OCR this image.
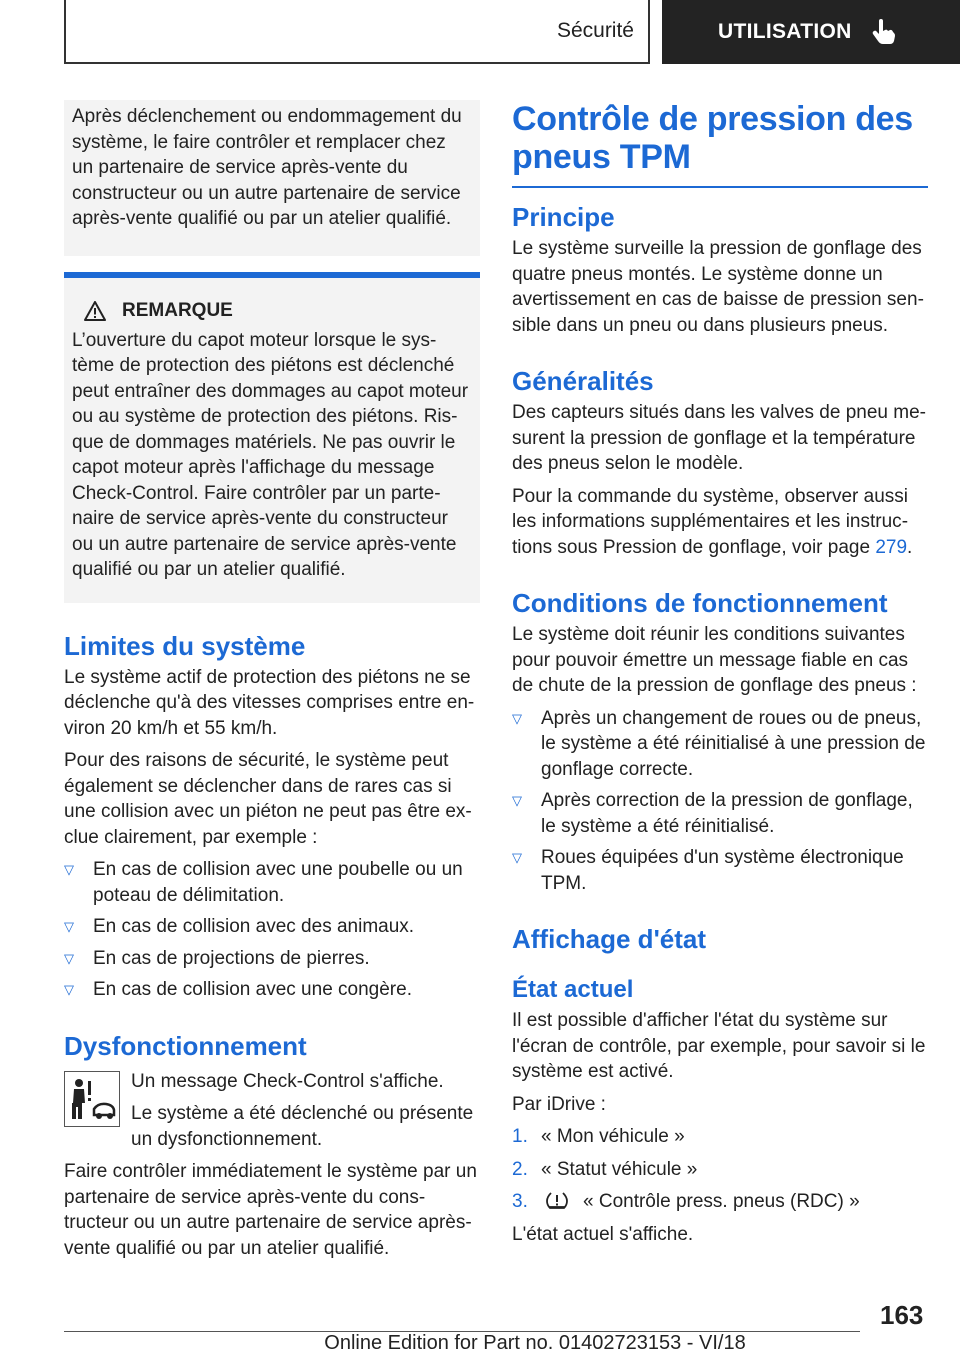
Sécurité	UTILISATION

Après déclenchement ou endommagement du système, le faire contrôler et remplacer chez un partenaire de service après-vente du constructeur ou un autre partenaire de service après-vente qualifié ou par un atelier qualifié.

REMARQUE

L’ouverture du capot moteur lorsque le système de protection des piétons est déclenché peut entraîner des dommages au capot moteur ou au système de protection des piétons. Risque de dommages matériels. Ne pas ouvrir le capot moteur après l'affichage du message Check-Control. Faire contrôler par un partenaire de service après-vente du constructeur ou un autre partenaire de service après-vente qualifié ou par un atelier qualifié.

Limites du système

Le système actif de protection des piétons ne se déclenche qu'à des vitesses comprises entre environ 20 km/h et 55 km/h.

Pour des raisons de sécurité, le système peut également se déclencher dans de rares cas si une collision avec un piéton ne peut pas être exclue clairement, par exemple :

▽ En cas de collision avec une poubelle ou un poteau de délimitation.
▽ En cas de collision avec des animaux.
▽ En cas de projections de pierres.
▽ En cas de collision avec une congère.
Dysfonctionnement

Un message Check-Control s'affiche.

Le système a été déclenché ou présente un dysfonctionnement.

Faire contrôler immédiatement le système par un partenaire de service après-vente du constructeur ou un autre partenaire de service après-vente qualifié ou par un atelier qualifié.

Contrôle de pression des pneus TPM
Principe

Le système surveille la pression de gonflage des quatre pneus montés. Le système donne un avertissement en cas de baisse de pression sensible dans un pneu ou dans plusieurs pneus.

Généralités

Des capteurs situés dans les valves de pneu mesurent la pression de gonflage et la température des pneus selon le modèle.

Pour la commande du système, observer aussi les informations supplémentaires et les instructions sous Pression de gonflage, voir page 279.

Conditions de fonctionnement

Le système doit réunir les conditions suivantes pour pouvoir émettre un message fiable en cas de chute de la pression de gonflage des pneus :

▽ Après un changement de roues ou de pneus, le système a été réinitialisé à une pression de gonflage correcte.
▽ Après correction de la pression de gonflage, le système a été réinitialisé.
▽ Roues équipées d'un système électronique TPM.
Affichage d'état
État actuel

Il est possible d'afficher l'état du système sur l'écran de contrôle, par exemple, pour savoir si le système est activé.

Par iDrive :

1. « Mon véhicule »
2. « Statut véhicule »
3.	« Contrôle press. pneus (RDC) »

L'état actuel s'affiche.

163
Online Edition for Part no. 01402723153 - VI/18
